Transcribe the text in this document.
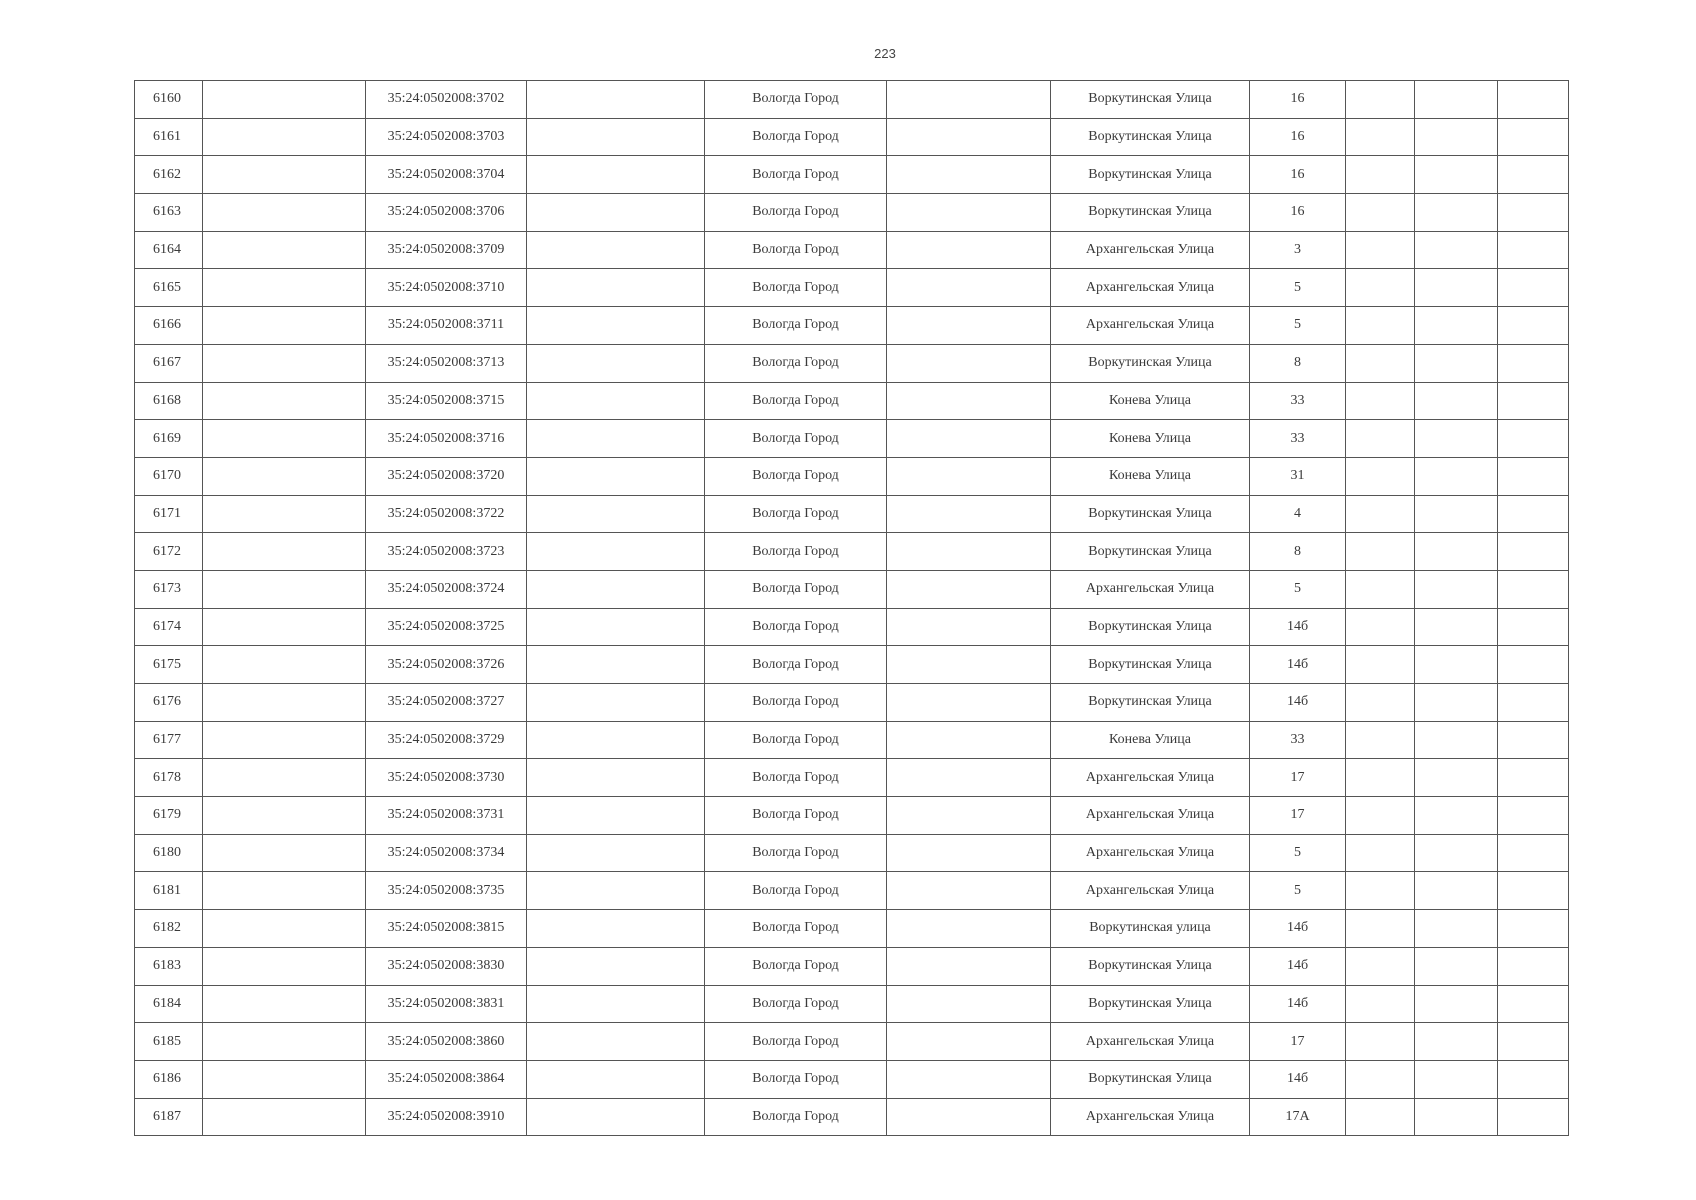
223
6160		35:24:0502008:3702		Вологда Город		Воркутинская Улица	16			
6161		35:24:0502008:3703		Вологда Город		Воркутинская Улица	16			
6162		35:24:0502008:3704		Вологда Город		Воркутинская Улица	16			
6163		35:24:0502008:3706		Вологда Город		Воркутинская Улица	16			
6164		35:24:0502008:3709		Вологда Город		Архангельская Улица	3			
6165		35:24:0502008:3710		Вологда Город		Архангельская Улица	5			
6166		35:24:0502008:3711		Вологда Город		Архангельская Улица	5			
6167		35:24:0502008:3713		Вологда Город		Воркутинская Улица	8			
6168		35:24:0502008:3715		Вологда Город		Конева Улица	33			
6169		35:24:0502008:3716		Вологда Город		Конева Улица	33			
6170		35:24:0502008:3720		Вологда Город		Конева Улица	31			
6171		35:24:0502008:3722		Вологда Город		Воркутинская Улица	4			
6172		35:24:0502008:3723		Вологда Город		Воркутинская Улица	8			
6173		35:24:0502008:3724		Вологда Город		Архангельская Улица	5			
6174		35:24:0502008:3725		Вологда Город		Воркутинская Улица	14б			
6175		35:24:0502008:3726		Вологда Город		Воркутинская Улица	14б			
6176		35:24:0502008:3727		Вологда Город		Воркутинская Улица	14б			
6177		35:24:0502008:3729		Вологда Город		Конева Улица	33			
6178		35:24:0502008:3730		Вологда Город		Архангельская Улица	17			
6179		35:24:0502008:3731		Вологда Город		Архангельская Улица	17			
6180		35:24:0502008:3734		Вологда Город		Архангельская Улица	5			
6181		35:24:0502008:3735		Вологда Город		Архангельская Улица	5			
6182		35:24:0502008:3815		Вологда Город		Воркутинская улица	14б			
6183		35:24:0502008:3830		Вологда Город		Воркутинская Улица	14б			
6184		35:24:0502008:3831		Вологда Город		Воркутинская Улица	14б			
6185		35:24:0502008:3860		Вологда Город		Архангельская Улица	17			
6186		35:24:0502008:3864		Вологда Город		Воркутинская Улица	14б			
6187		35:24:0502008:3910		Вологда Город		Архангельская Улица	17А			
